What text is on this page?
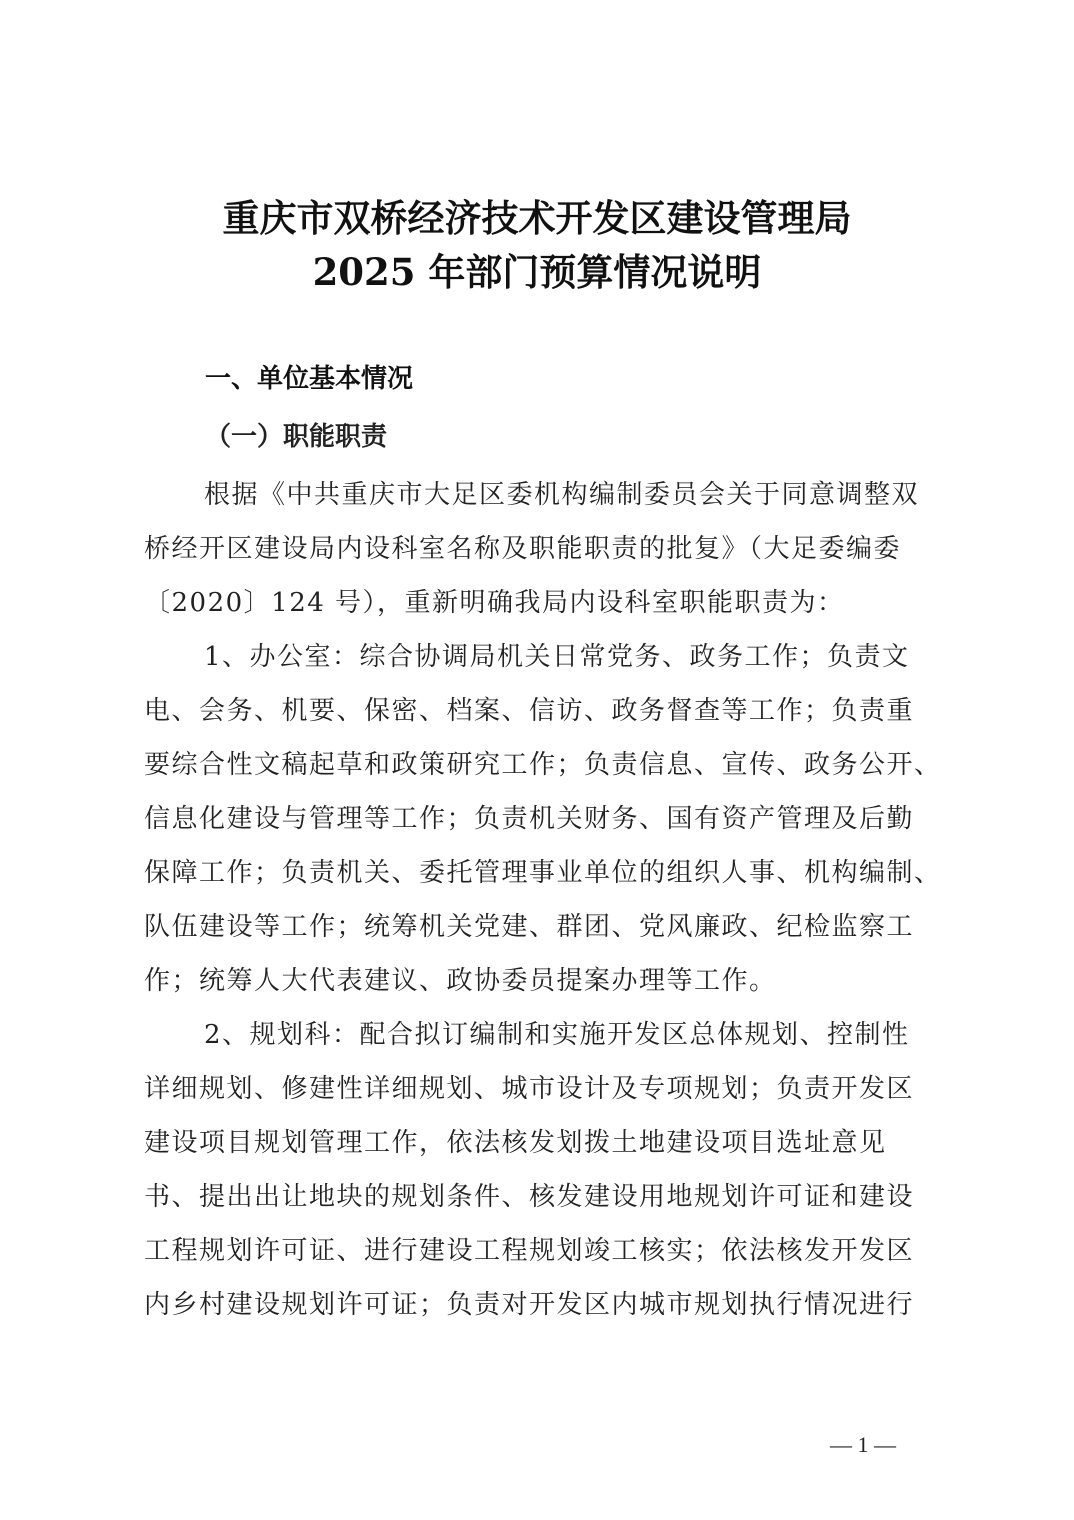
重庆市双桥经济技术开发区建设管理局
2025 年部门预算情况说明
一、单位基本情况
（一）职能职责
根据《中共重庆市大足区委机构编制委员会关于同意调整双
桥经开区建设局内设科室名称及职能职责的批复》（大足委编委
〔2020〕124 号），重新明确我局内设科室职能职责为：
1、办公室：综合协调局机关日常党务、政务工作；负责文
电、会务、机要、保密、档案、信访、政务督查等工作；负责重
要综合性文稿起草和政策研究工作；负责信息、宣传、政务公开、
信息化建设与管理等工作；负责机关财务、国有资产管理及后勤
保障工作；负责机关、委托管理事业单位的组织人事、机构编制、
队伍建设等工作；统筹机关党建、群团、党风廉政、纪检监察工
作；统筹人大代表建议、政协委员提案办理等工作。
2、规划科：配合拟订编制和实施开发区总体规划、控制性
详细规划、修建性详细规划、城市设计及专项规划；负责开发区
建设项目规划管理工作，依法核发划拨土地建设项目选址意见
书、提出出让地块的规划条件、核发建设用地规划许可证和建设
工程规划许可证、进行建设工程规划竣工核实；依法核发开发区
内乡村建设规划许可证；负责对开发区内城市规划执行情况进行
— 1 —
